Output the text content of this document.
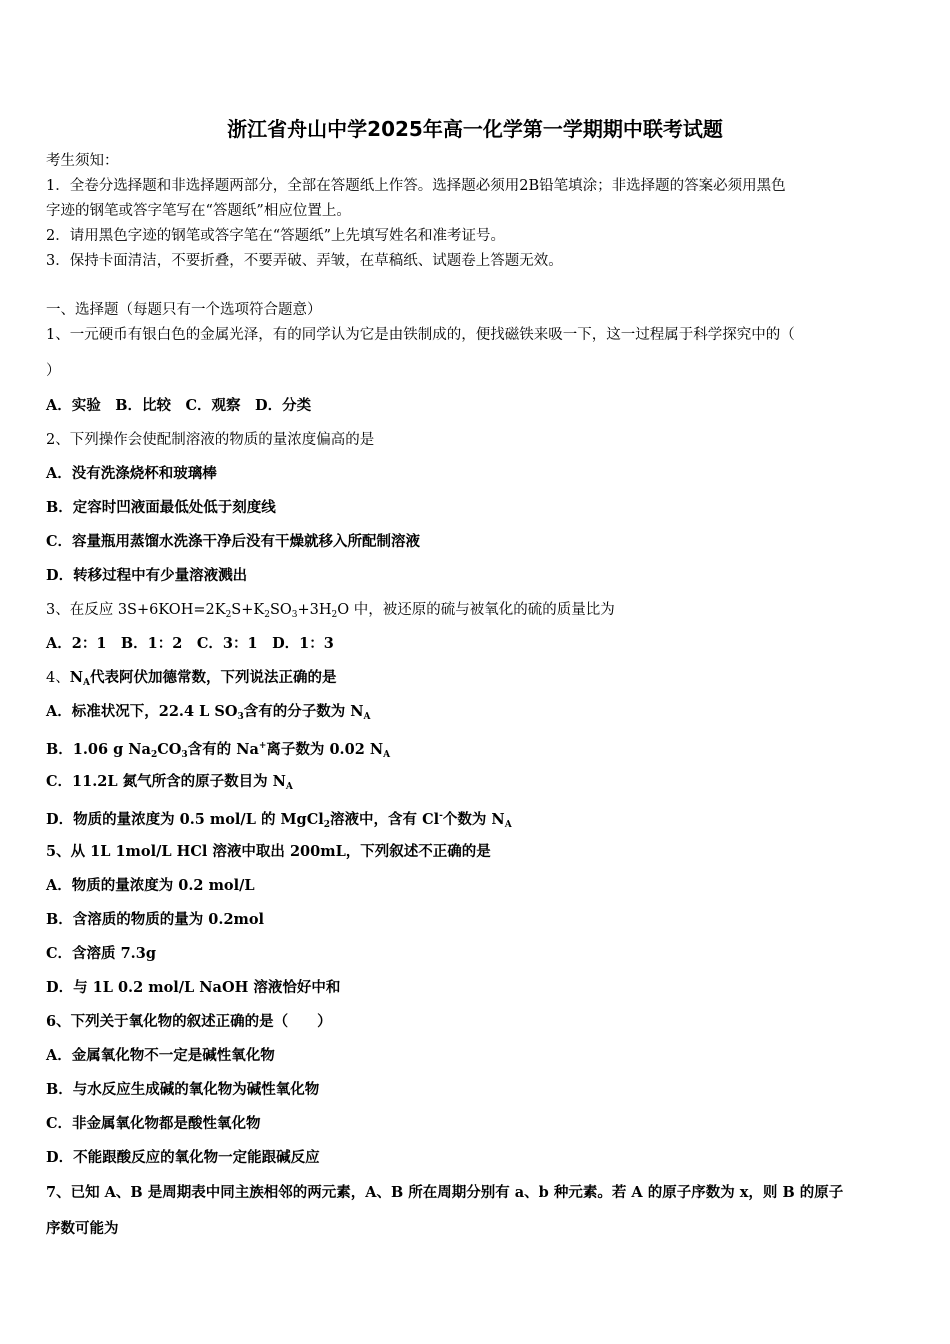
浙江省舟山中学2025年高一化学第一学期期中联考试题
考生须知：
1．全卷分选择题和非选择题两部分，全部在答题纸上作答。选择题必须用2B铅笔填涂；非选择题的答案必须用黑色
字迹的钢笔或答字笔写在“答题纸”相应位置上。
2．请用黑色字迹的钢笔或答字笔在“答题纸”上先填写姓名和准考证号。
3．保持卡面清洁，不要折叠，不要弄破、弄皱，在草稿纸、试题卷上答题无效。
一、选择题（每题只有一个选项符合题意）
1、一元硬币有银白色的金属光泽，有的同学认为它是由铁制成的，便找磁铁来吸一下，这一过程属于科学探究中的（
）
A．实验　B．比较　C．观察　D．分类
2、下列操作会使配制溶液的物质的量浓度偏高的是
A．没有洗涤烧杯和玻璃棒
B．定容时凹液面最低处低于刻度线
C．容量瓶用蒸馏水洗涤干净后没有干燥就移入所配制溶液
D．转移过程中有少量溶液溅出
3、在反应 $3S+6KOH=2K_2S+K_2SO_3+3H_2O$ 中，被还原的硫与被氧化的硫的质量比为
A．2：1　B．1：2　C．3：1　D．1：3
4、$N_A$代表阿伏加德常数，下列说法正确的是
A．标准状况下，22.4 L $SO_3$含有的分子数为 $N_A$
B．1.06 g $Na_2CO_3$含有的 Na+离子数为 0.02 $N_A$
C．11.2L 氮气所含的原子数目为 $N_A$
D．物质的量浓度为 0.5 mol/L 的 MgCl$_2$溶液中，含有 Cl-个数为 $N_A$
5、从 1L 1mol/L HCl 溶液中取出 200mL，下列叙述不正确的是
A．物质的量浓度为 0.2 mol/L
B．含溶质的物质的量为 0.2mol
C．含溶质 7.3g
D．与 1L 0.2 mol/L NaOH 溶液恰好中和
6、下列关于氧化物的叙述正确的是（　　）
A．金属氧化物不一定是碱性氧化物
B．与水反应生成碱的氧化物为碱性氧化物
C．非金属氧化物都是酸性氧化物
D．不能跟酸反应的氧化物一定能跟碱反应
7、已知 A、B 是周期表中同主族相邻的两元素，A、B 所在周期分别有 a、b 种元素。若 A 的原子序数为 x，则 B 的原子
序数可能为
